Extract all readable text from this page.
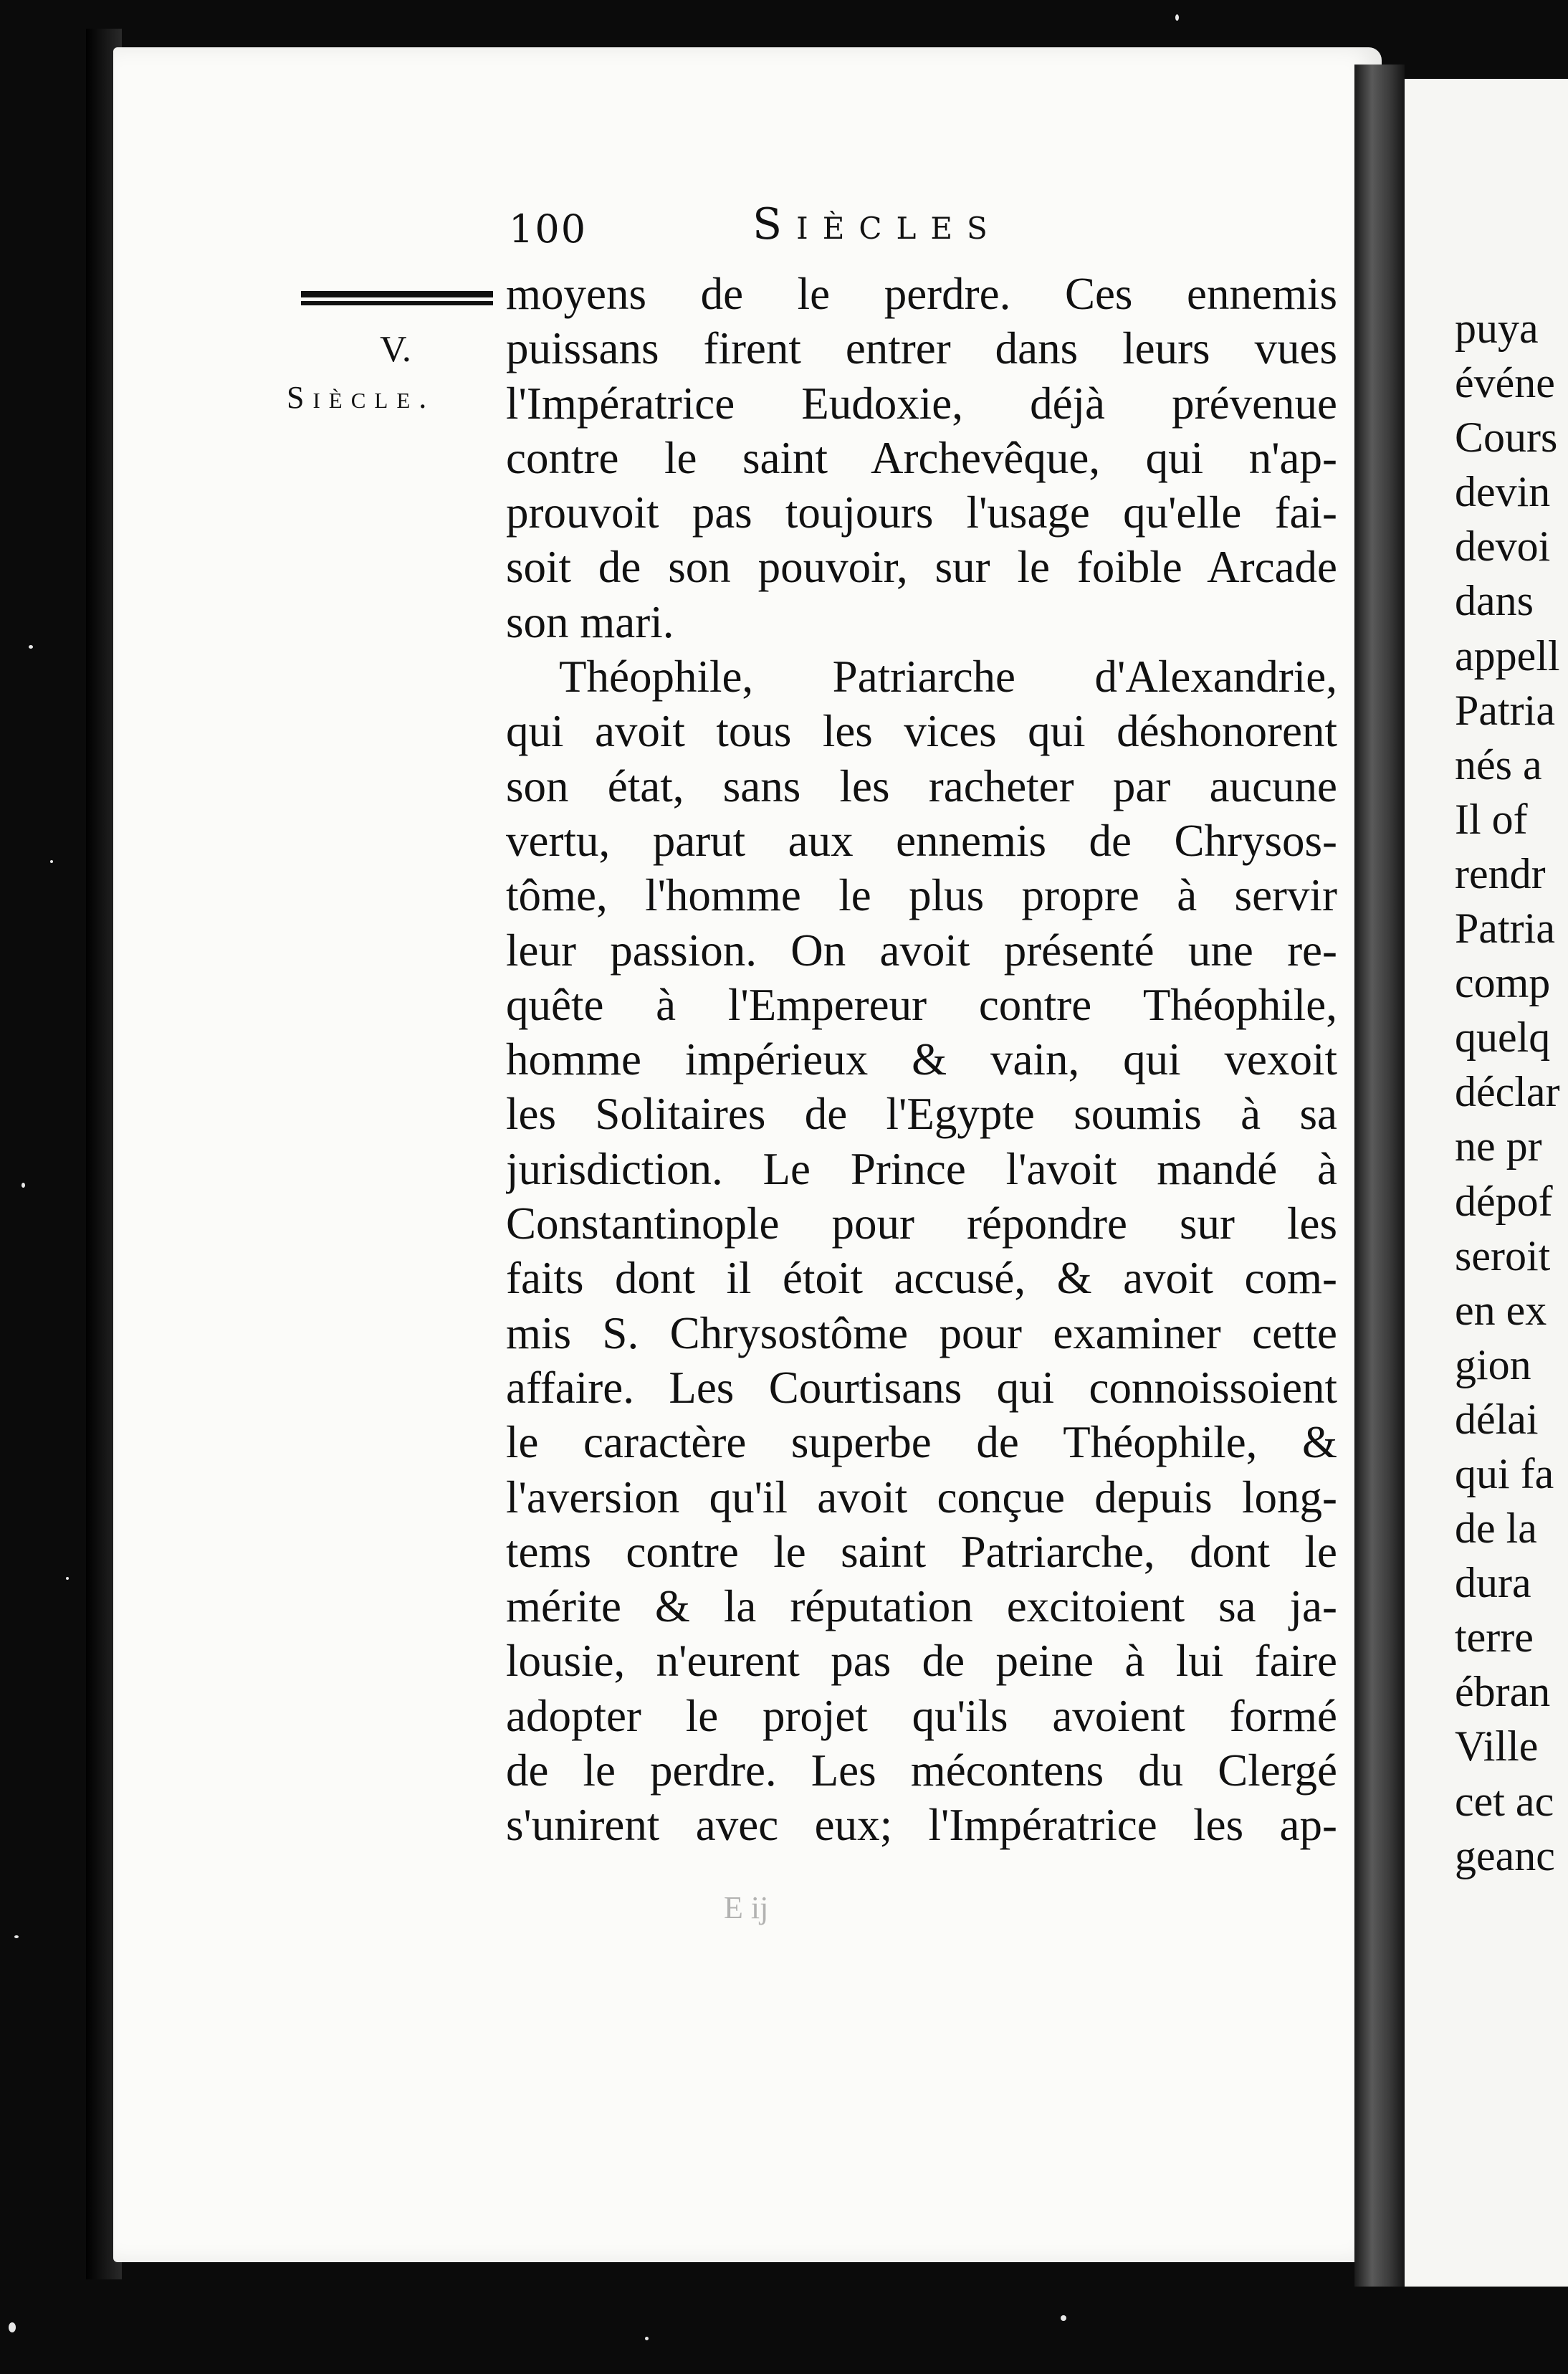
100	Siècles
V.
Siècle.
moyens de le perdre. Ces ennemis
puissans firent entrer dans leurs vues
l'Impératrice Eudoxie, déjà prévenue
contre le saint Archevêque, qui n'ap-
prouvoit pas toujours l'usage qu'elle fai-
soit de son pouvoir, sur le foible Arcade
son mari.
Théophile, Patriarche d'Alexandrie,
qui avoit tous les vices qui déshonorent
son état, sans les racheter par aucune
vertu, parut aux ennemis de Chrysos-
tôme, l'homme le plus propre à servir
leur passion. On avoit présenté une re-
quête à l'Empereur contre Théophile,
homme impérieux & vain, qui vexoit
les Solitaires de l'Egypte soumis à sa
jurisdiction. Le Prince l'avoit mandé à
Constantinople pour répondre sur les
faits dont il étoit accusé, & avoit com-
mis S. Chrysostôme pour examiner cette
affaire. Les Courtisans qui connoissoient
le caractère superbe de Théophile, &
l'aversion qu'il avoit conçue depuis long-
tems contre le saint Patriarche, dont le
mérite & la réputation excitoient sa ja-
lousie, n'eurent pas de peine à lui faire
adopter le projet qu'ils avoient formé
de le perdre. Les mécontens du Clergé
s'unirent avec eux; l'Impératrice les ap-
E ij
puya
événe
Cours
devin
devoi
dans
appell
Patria
nés a
Il of
rendr
Patria
comp
quelq
déclar
ne pr
dépof
seroit
en ex
gion
délai
qui fa
de la
dura
terre
ébran
Ville
cet ac
geanc
